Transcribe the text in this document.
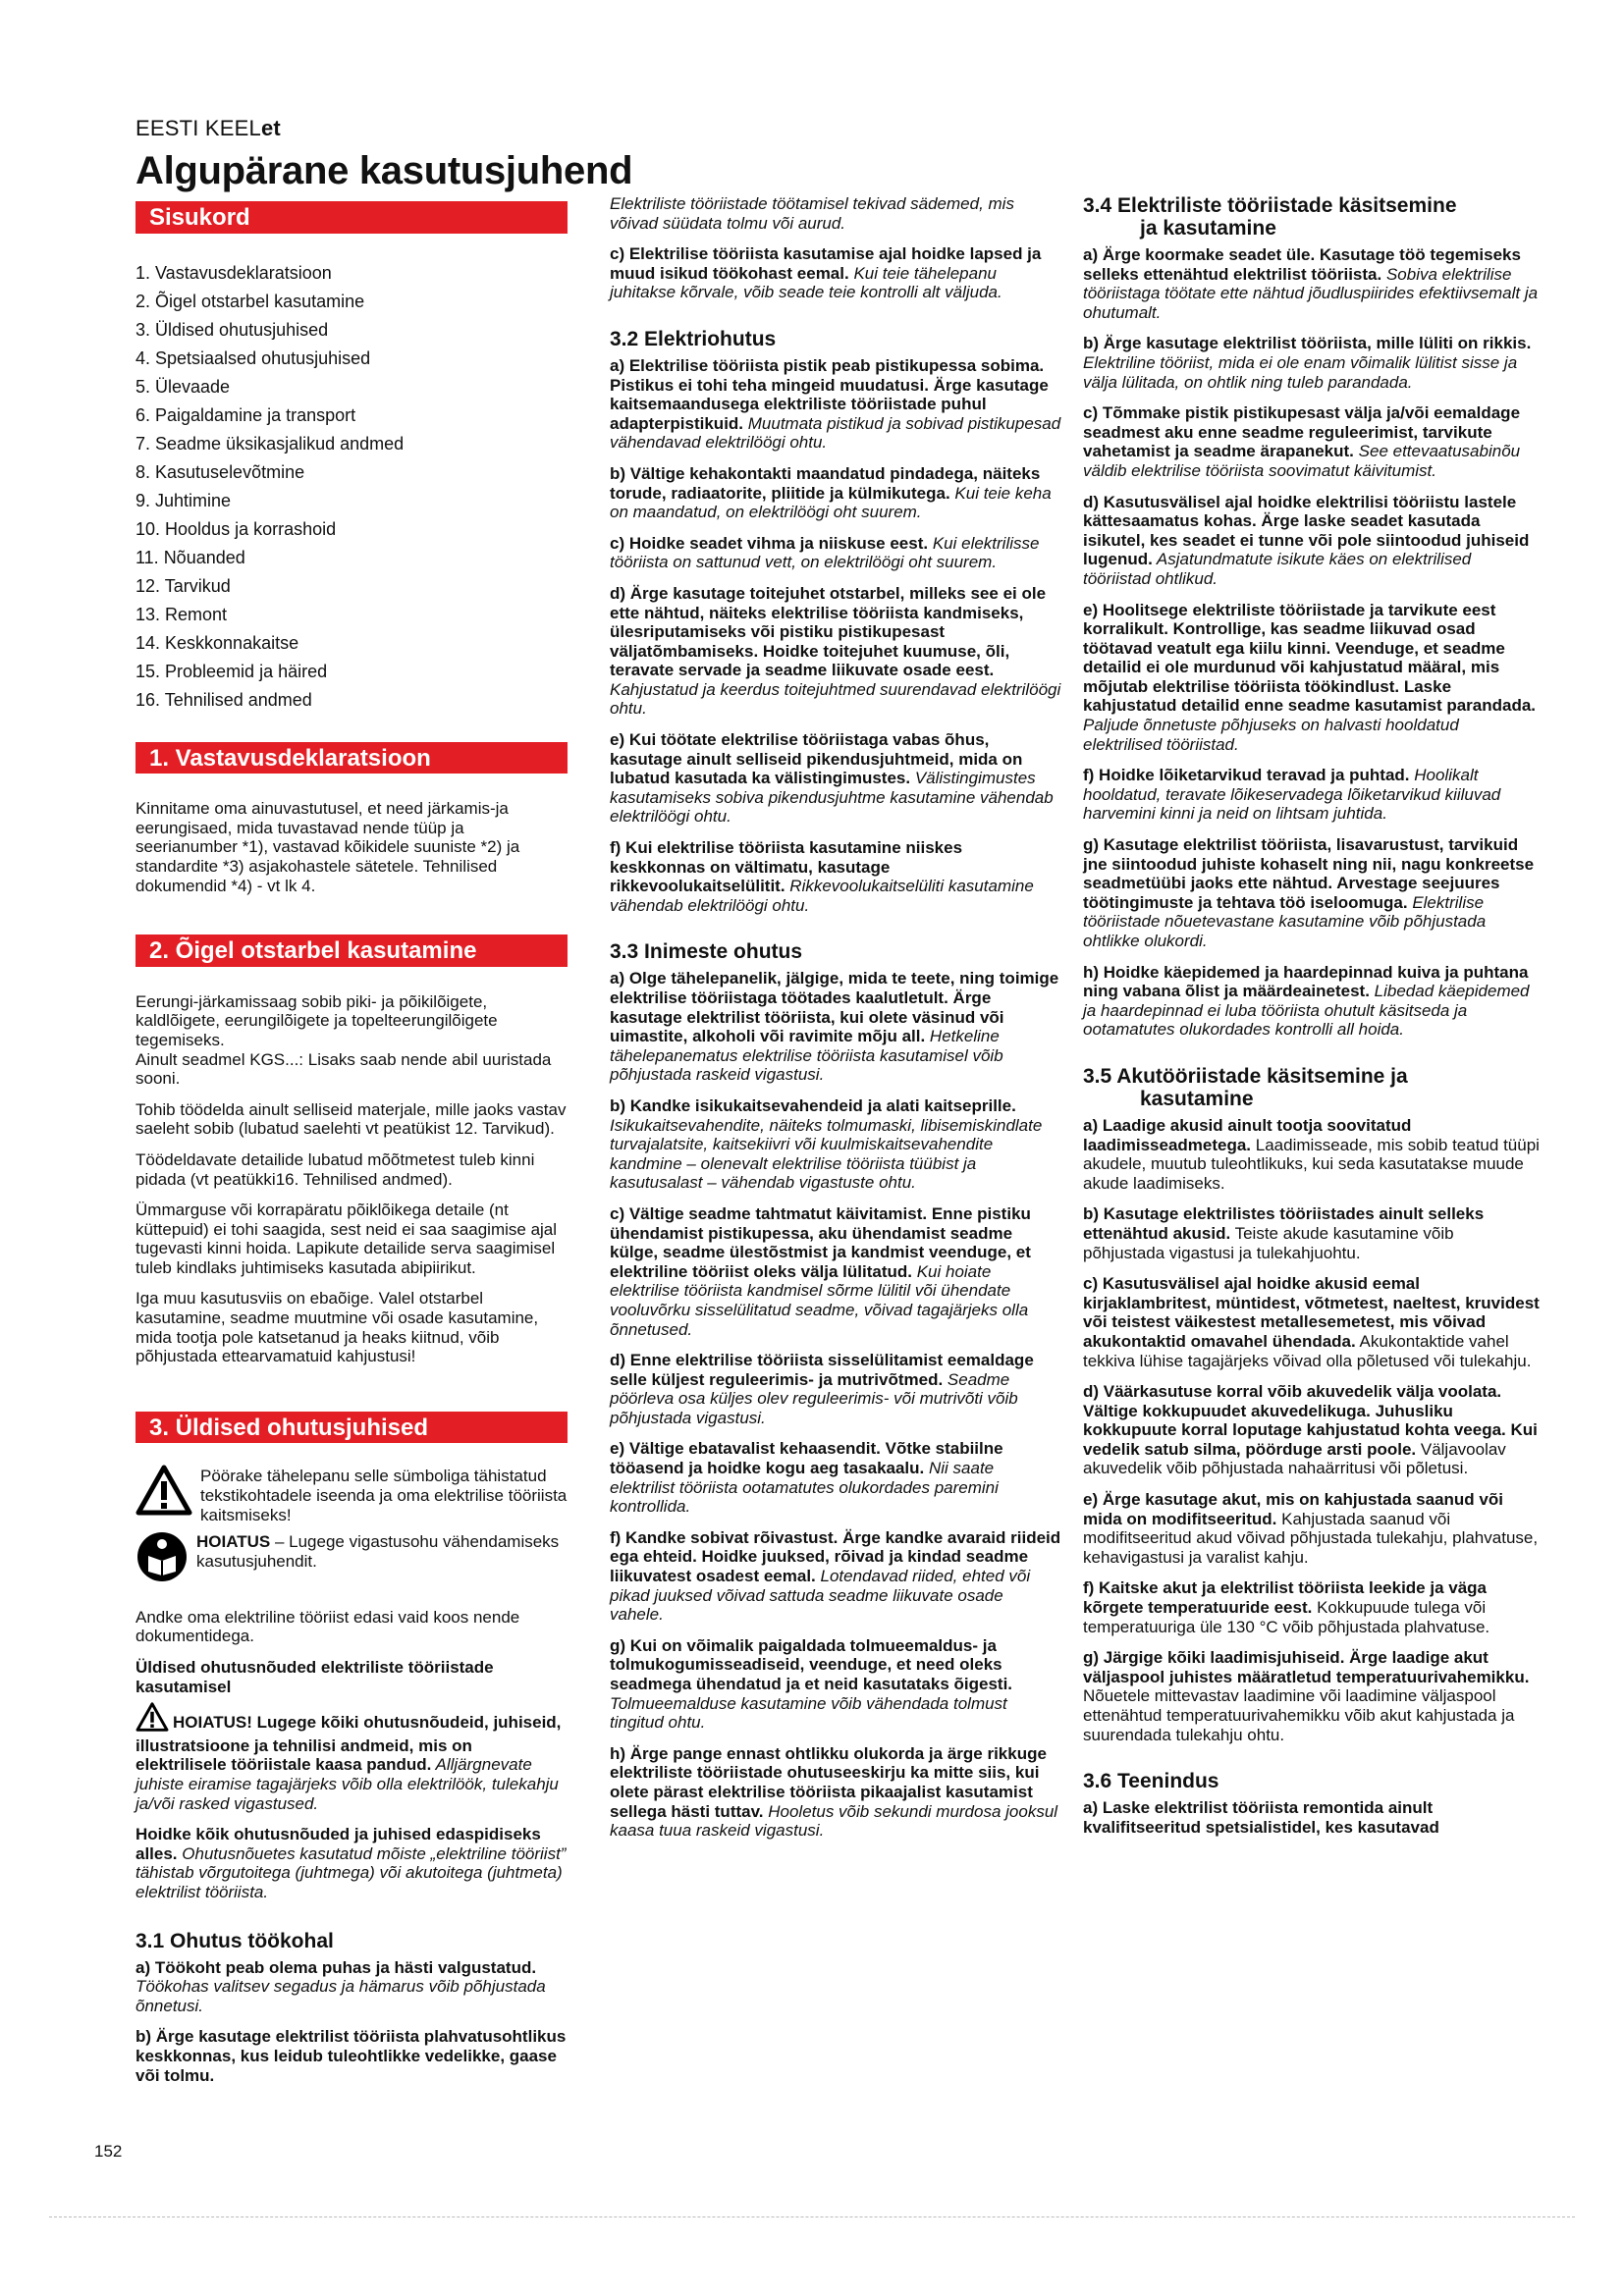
EESTI KEELet
Algupärane kasutusjuhend
Sisukord
1. Vastavusdeklaratsioon
2. Õigel otstarbel kasutamine
3. Üldised ohutusjuhised
4. Spetsiaalsed ohutusjuhised
5. Ülevaade
6. Paigaldamine ja transport
7. Seadme üksikasjalikud andmed
8. Kasutuselevõtmine
9. Juhtimine
10. Hooldus ja korrashoid
11. Nõuanded
12. Tarvikud
13. Remont
14. Keskkonnakaitse
15. Probleemid ja häired
16. Tehnilised andmed
1. Vastavusdeklaratsioon

Kinnitame oma ainuvastutusel, et need järkamis-ja eerungisaed, mida tuvastavad nende tüüp ja seerianumber *1), vastavad kõikidele suuniste *2) ja standardite *3) asjakohastele sätetele. Tehnilised dokumendid *4) - vt lk 4.

2. Õigel otstarbel kasutamine

Eerungi-järkamissaag sobib piki- ja põikilõigete, kaldlõigete, eerungilõigete ja topelteerungilõigete tegemiseks.

Ainult seadmel KGS...: Lisaks saab nende abil uuristada sooni.

Tohib töödelda ainult selliseid materjale, mille jaoks vastav saeleht sobib (lubatud saelehti vt peatükist 12. Tarvikud).

Töödeldavate detailide lubatud mõõtmetest tuleb kinni pidada (vt peatükki16. Tehnilised andmed).

Ümmarguse või korrapäratu põiklõikega detaile (nt küttepuid) ei tohi saagida, sest neid ei saa saagimise ajal tugevasti kinni hoida. Lapikute detailide serva saagimisel tuleb kindlaks juhtimiseks kasutada abipiirikut.

Iga muu kasutusviis on ebaõige. Valel otstarbel kasutamine, seadme muutmine või osade kasutamine, mida tootja pole katsetanud ja heaks kiitnud, võib põhjustada ettearvamatuid kahjustusi!

3. Üldised ohutusjuhised
Pöörake tähelepanu selle sümboliga tähistatud tekstikohtadele iseenda ja oma elektrilise tööriista kaitsmiseks!
HOIATUS – Lugege vigastusohu vähendamiseks kasutusjuhendit.

Andke oma elektriline tööriist edasi vaid koos nende dokumentidega.

Üldised ohutusnõuded elektriliste tööriistade kasutamisel

HOIATUS! Lugege kõiki ohutusnõudeid, juhiseid, illustratsioone ja tehnilisi andmeid, mis on elektrilisele tööriistale kaasa pandud. Alljärgnevate juhiste eiramise tagajärjeks võib olla elektrilöök, tulekahju ja/või rasked vigastused.

Hoidke kõik ohutusnõuded ja juhised edaspidiseks alles. Ohutusnõuetes kasutatud mõiste „elektriline tööriist” tähistab võrgutoitega (juhtmega) või akutoitega (juhtmeta) elektrilist tööriista.

3.1 Ohutus töökohal

a) Töökoht peab olema puhas ja hästi valgustatud. Töökohas valitsev segadus ja hämarus võib põhjustada õnnetusi.

b) Ärge kasutage elektrilist tööriista plahvatusohtlikus keskkonnas, kus leidub tuleohtlikke vedelikke, gaase või tolmu.

152

Elektriliste tööriistade töötamisel tekivad sädemed, mis võivad süüdata tolmu või aurud.

c) Elektrilise tööriista kasutamise ajal hoidke lapsed ja muud isikud töökohast eemal. Kui teie tähelepanu juhitakse kõrvale, võib seade teie kontrolli alt väljuda.

3.2 Elektriohutus

a) Elektrilise tööriista pistik peab pistikupessa sobima. Pistikus ei tohi teha mingeid muudatusi. Ärge kasutage kaitsemaandusega elektriliste tööriistade puhul adapterpistikuid. Muutmata pistikud ja sobivad pistikupesad vähendavad elektrilöögi ohtu.

b) Vältige kehakontakti maandatud pindadega, näiteks torude, radiaatorite, pliitide ja külmikutega. Kui teie keha on maandatud, on elektrilöögi oht suurem.

c) Hoidke seadet vihma ja niiskuse eest. Kui elektrilisse tööriista on sattunud vett, on elektrilöögi oht suurem.

d) Ärge kasutage toitejuhet otstarbel, milleks see ei ole ette nähtud, näiteks elektrilise tööriista kandmiseks, ülesriputamiseks või pistiku pistikupesast väljatõmbamiseks. Hoidke toitejuhet kuumuse, õli, teravate servade ja seadme liikuvate osade eest. Kahjustatud ja keerdus toitejuhtmed suurendavad elektrilöögi ohtu.

e) Kui töötate elektrilise tööriistaga vabas õhus, kasutage ainult selliseid pikendusjuhtmeid, mida on lubatud kasutada ka välistingimustes. Välistingimustes kasutamiseks sobiva pikendusjuhtme kasutamine vähendab elektrilöögi ohtu.

f) Kui elektrilise tööriista kasutamine niiskes keskkonnas on vältimatu, kasutage rikkevoolukaitselülitit. Rikkevoolukaitselüliti kasutamine vähendab elektrilöögi ohtu.

3.3 Inimeste ohutus

a) Olge tähelepanelik, jälgige, mida te teete, ning toimige elektrilise tööriistaga töötades kaalutletult. Ärge kasutage elektrilist tööriista, kui olete väsinud või uimastite, alkoholi või ravimite mõju all. Hetkeline tähelepanematus elektrilise tööriista kasutamisel võib põhjustada raskeid vigastusi.

b) Kandke isikukaitsevahendeid ja alati kaitseprille. Isikukaitsevahendite, näiteks tolmumaski, libisemiskindlate turvajalatsite, kaitsekiivri või kuulmiskaitsevahendite kandmine – olenevalt elektrilise tööriista tüübist ja kasutusalast – vähendab vigastuste ohtu.

c) Vältige seadme tahtmatut käivitamist. Enne pistiku ühendamist pistikupessa, aku ühendamist seadme külge, seadme ülestõstmist ja kandmist veenduge, et elektriline tööriist oleks välja lülitatud. Kui hoiate elektrilise tööriista kandmisel sõrme lülitil või ühendate vooluvõrku sisselülitatud seadme, võivad tagajärjeks olla õnnetused.

d) Enne elektrilise tööriista sisselülitamist eemaldage selle küljest reguleerimis- ja mutrivõtmed. Seadme pöörleva osa küljes olev reguleerimis- või mutrivõti võib põhjustada vigastusi.

e) Vältige ebatavalist kehaasendit. Võtke stabiilne tööasend ja hoidke kogu aeg tasakaalu. Nii saate elektrilist tööriista ootamatutes olukordades paremini kontrollida.

f) Kandke sobivat rõivastust. Ärge kandke avaraid riideid ega ehteid. Hoidke juuksed, rõivad ja kindad seadme liikuvatest osadest eemal. Lotendavad riided, ehted või pikad juuksed võivad sattuda seadme liikuvate osade vahele.

g) Kui on võimalik paigaldada tolmueemaldus- ja tolmukogumisseadiseid, veenduge, et need oleks seadmega ühendatud ja et neid kasutataks õigesti. Tolmueemalduse kasutamine võib vähendada tolmust tingitud ohtu.

h) Ärge pange ennast ohtlikku olukorda ja ärge rikkuge elektriliste tööriistade ohutuseeskirju ka mitte siis, kui olete pärast elektrilise tööriista pikaajalist kasutamist sellega hästi tuttav. Hooletus võib sekundi murdosa jooksul kaasa tuua raskeid vigastusi.

3.4 Elektriliste tööriistade käsitsemine
ja kasutamine

a) Ärge koormake seadet üle. Kasutage töö tegemiseks selleks ettenähtud elektrilist tööriista. Sobiva elektrilise tööriistaga töötate ette nähtud jõudluspiirides efektiivsemalt ja ohutumalt.

b) Ärge kasutage elektrilist tööriista, mille lüliti on rikkis. Elektriline tööriist, mida ei ole enam võimalik lülitist sisse ja välja lülitada, on ohtlik ning tuleb parandada.

c) Tõmmake pistik pistikupesast välja ja/või eemaldage seadmest aku enne seadme reguleerimist, tarvikute vahetamist ja seadme ärapanekut. See ettevaatusabinõu väldib elektrilise tööriista soovimatut käivitumist.

d) Kasutusvälisel ajal hoidke elektrilisi tööriistu lastele kättesaamatus kohas. Ärge laske seadet kasutada isikutel, kes seadet ei tunne või pole siintoodud juhiseid lugenud. Asjatundmatute isikute käes on elektrilised tööriistad ohtlikud.

e) Hoolitsege elektriliste tööriistade ja tarvikute eest korralikult. Kontrollige, kas seadme liikuvad osad töötavad veatult ega kiilu kinni. Veenduge, et seadme detailid ei ole murdunud või kahjustatud määral, mis mõjutab elektrilise tööriista töökindlust. Laske kahjustatud detailid enne seadme kasutamist parandada. Paljude õnnetuste põhjuseks on halvasti hooldatud elektrilised tööriistad.

f) Hoidke lõiketarvikud teravad ja puhtad. Hoolikalt hooldatud, teravate lõikeservadega lõiketarvikud kiiluvad harvemini kinni ja neid on lihtsam juhtida.

g) Kasutage elektrilist tööriista, lisavarustust, tarvikuid jne siintoodud juhiste kohaselt ning nii, nagu konkreetse seadmetüübi jaoks ette nähtud. Arvestage seejuures töötingimuste ja tehtava töö iseloomuga. Elektrilise tööriistade nõuetevastane kasutamine võib põhjustada ohtlikke olukordi.

h) Hoidke käepidemed ja haardepinnad kuiva ja puhtana ning vabana õlist ja määrdeainetest. Libedad käepidemed ja haardepinnad ei luba tööriista ohutult käsitseda ja ootamatutes olukordades kontrolli all hoida.

3.5 Akutööriistade käsitsemine ja
kasutamine

a) Laadige akusid ainult tootja soovitatud laadimisseadmetega. Laadimisseade, mis sobib teatud tüüpi akudele, muutub tuleohtlikuks, kui seda kasutatakse muude akude laadimiseks.

b) Kasutage elektrilistes tööriistades ainult selleks ettenähtud akusid. Teiste akude kasutamine võib põhjustada vigastusi ja tulekahjuohtu.

c) Kasutusvälisel ajal hoidke akusid eemal kirjaklambritest, müntidest, võtmetest, naeltest, kruvidest või teistest väikestest metallesemetest, mis võivad akukontaktid omavahel ühendada. Akukontaktide vahel tekkiva lühise tagajärjeks võivad olla põletused või tulekahju.

d) Väärkasutuse korral võib akuvedelik välja voolata. Vältige kokkupuudet akuvedelikuga. Juhusliku kokkupuute korral loputage kahjustatud kohta veega. Kui vedelik satub silma, pöörduge arsti poole. Väljavoolav akuvedelik võib põhjustada nahaärritusi või põletusi.

e) Ärge kasutage akut, mis on kahjustada saanud või mida on modifitseeritud. Kahjustada saanud või modifitseeritud akud võivad põhjustada tulekahju, plahvatuse, kehavigastusi ja varalist kahju.

f) Kaitske akut ja elektrilist tööriista leekide ja väga kõrgete temperatuuride eest. Kokkupuude tulega või temperatuuriga üle 130 °C võib põhjustada plahvatuse.

g) Järgige kõiki laadimisjuhiseid. Ärge laadige akut väljaspool juhistes määratletud temperatuurivahemikku. Nõuetele mittevastav laadimine või laadimine väljaspool ettenähtud temperatuurivahemikku võib akut kahjustada ja suurendada tulekahju ohtu.

3.6 Teenindus

a) Laske elektrilist tööriista remontida ainult kvalifitseeritud spetsialistidel, kes kasutavad
